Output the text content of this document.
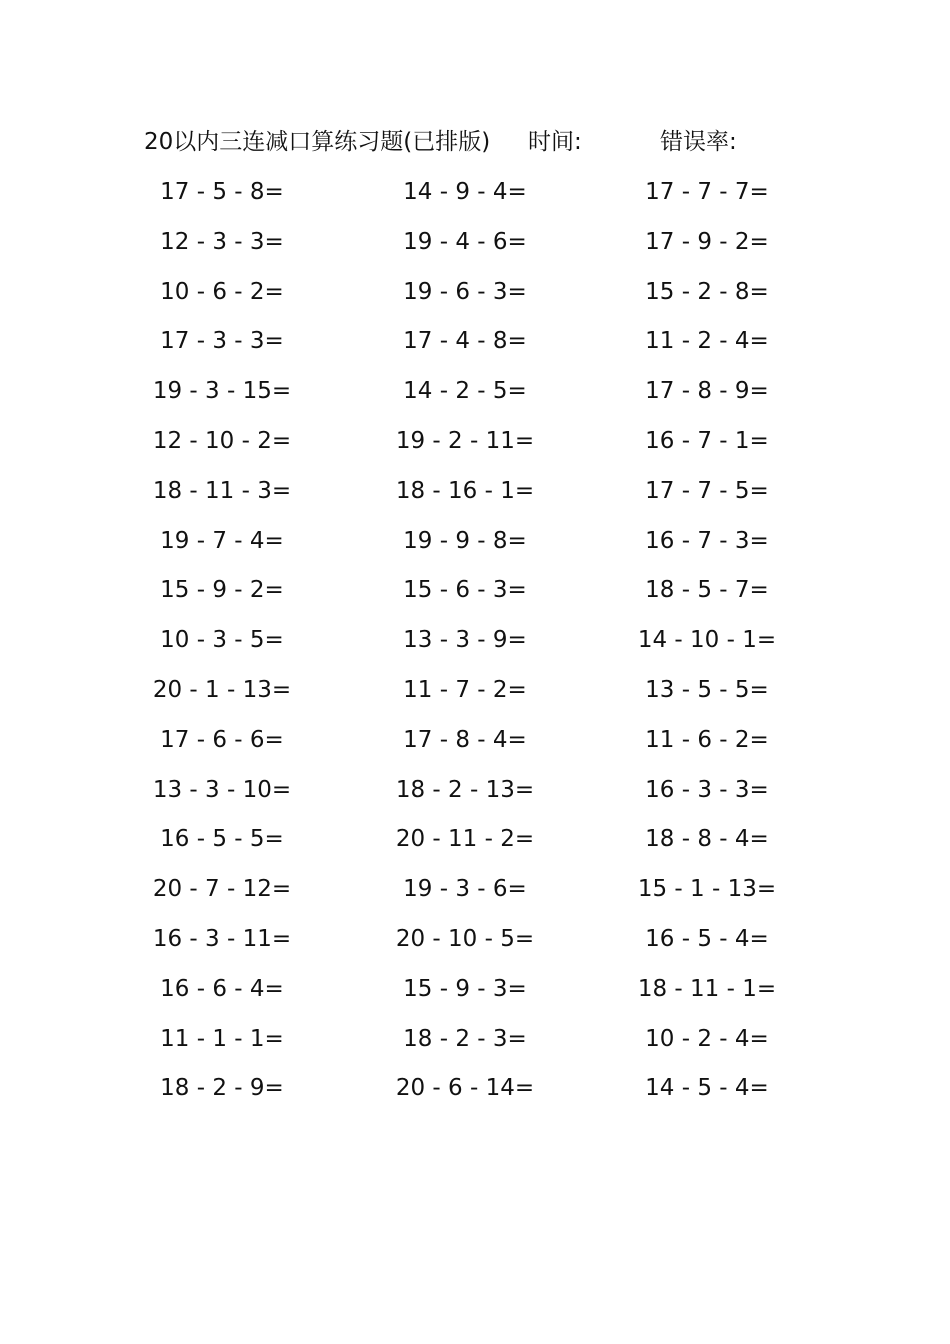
20以内三连减口算练习题(已排版) 时间:	错误率:
17 - 5 - 8=	14 - 9 - 4=	17 - 7 - 7=
12 - 3 - 3=	19 - 4 - 6=	17 - 9 - 2=
10 - 6 - 2=	19 - 6 - 3=	15 - 2 - 8=
17 - 3 - 3=	17 - 4 - 8=	11 - 2 - 4=
19 - 3 - 15=	14 - 2 - 5=	17 - 8 - 9=
12 - 10 - 2=	19 - 2 - 11=	16 - 7 - 1=
18 - 11 - 3=	18 - 16 - 1=	17 - 7 - 5=
19 - 7 - 4=	19 - 9 - 8=	16 - 7 - 3=
15 - 9 - 2=	15 - 6 - 3=	18 - 5 - 7=
10 - 3 - 5=	13 - 3 - 9=	14 - 10 - 1=
20 - 1 - 13=	11 - 7 - 2=	13 - 5 - 5=
17 - 6 - 6=	17 - 8 - 4=	11 - 6 - 2=
13 - 3 - 10=	18 - 2 - 13=	16 - 3 - 3=
16 - 5 - 5=	20 - 11 - 2=	18 - 8 - 4=
20 - 7 - 12=	19 - 3 - 6=	15 - 1 - 13=
16 - 3 - 11=	20 - 10 - 5=	16 - 5 - 4=
16 - 6 - 4=	15 - 9 - 3=	18 - 11 - 1=
11 - 1 - 1=	18 - 2 - 3=	10 - 2 - 4=
18 - 2 - 9=	20 - 6 - 14=	14 - 5 - 4=
